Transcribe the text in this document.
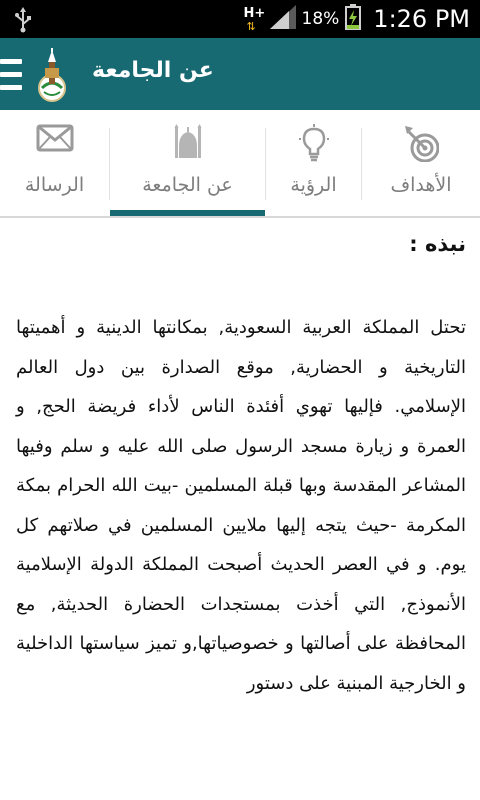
H+
⇅	18% 1:26 PM
عن الجامعة
الرسالة	عن الجامعة	الرؤية	الأهداف
نبذه :
تحتل المملكة العربية السعودية, بمكانتها الدينية و أهميتها التاريخية و الحضارية, موقع الصدارة بين دول العالم الإسلامي. فإليها تهوي أفئدة الناس لأداء فريضة الحج, و العمرة و زيارة مسجد الرسول صلى الله عليه و سلم وفيها المشاعر المقدسة وبها قبلة المسلمين -بيت الله الحرام بمكة المكرمة -حيث يتجه إليها ملايين المسلمين في صلاتهم كل يوم. و في العصر الحديث أصبحت المملكة الدولة الإسلامية الأنموذج, التي أخذت بمستجدات الحضارة الحديثة, مع المحافظة على أصالتها و خصوصياتها,و تميز سياستها الداخلية و الخارجية المبنية على دستور
